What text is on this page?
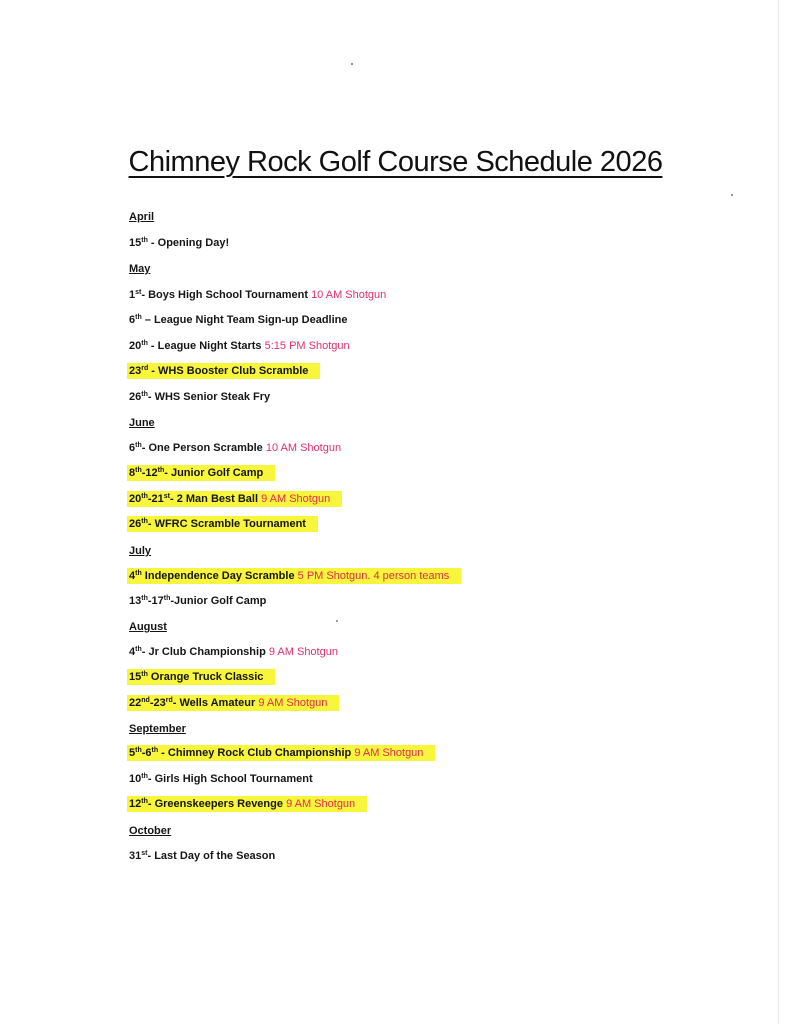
Chimney Rock Golf Course Schedule 2026
April
15th - Opening Day!
May
1st- Boys High School Tournament 10 AM Shotgun
6th – League Night Team Sign-up Deadline
20th - League Night Starts 5:15 PM Shotgun
23rd - WHS Booster Club Scramble
26th- WHS Senior Steak Fry
June
6th- One Person Scramble 10 AM Shotgun
8th-12th- Junior Golf Camp
20th-21st- 2 Man Best Ball 9 AM Shotgun
26th- WFRC Scramble Tournament
July
4th Independence Day Scramble 5 PM Shotgun. 4 person teams
13th-17th-Junior Golf Camp
August
4th- Jr Club Championship 9 AM Shotgun
15th Orange Truck Classic
22nd-23rd- Wells Amateur 9 AM Shotgun
September
5th-6th - Chimney Rock Club Championship 9 AM Shotgun
10th- Girls High School Tournament
12th- Greenskeepers Revenge 9 AM Shotgun
October
31st- Last Day of the Season
